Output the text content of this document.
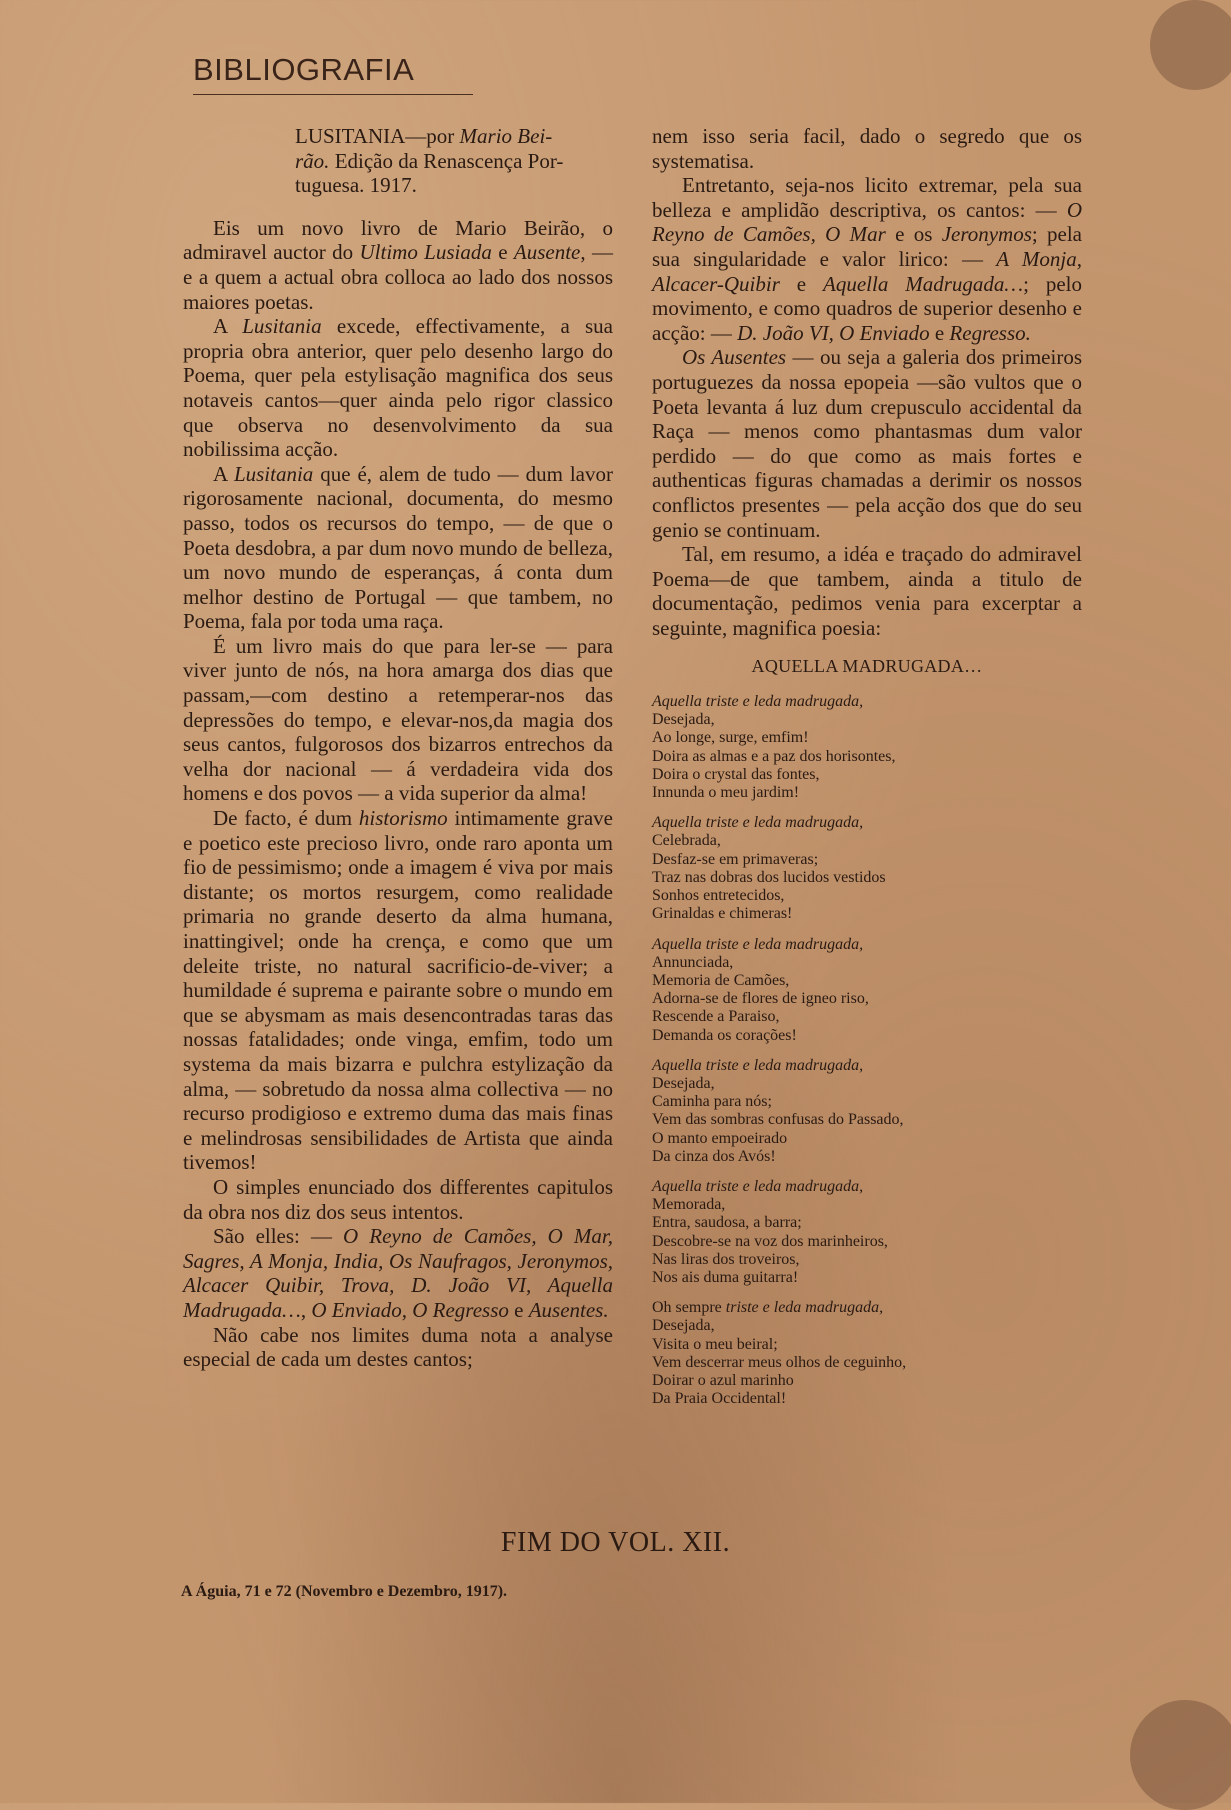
BIBLIOGRAFIA

LUSITANIA—por Mario Bei-
rão. Edição da Renascença Por-
tuguesa. 1917.

Eis um novo livro de Mario Beirão, o admiravel auctor do Ultimo Lusiada e Ausente, — e a quem a actual obra colloca ao lado dos nossos maiores poetas.

A Lusitania excede, effectivamente, a sua propria obra anterior, quer pelo desenho largo do Poema, quer pela estylisação magnifica dos seus notaveis cantos—quer ainda pelo rigor classico que observa no desenvolvimento da sua nobilissima acção.

A Lusitania que é, alem de tudo — dum lavor rigorosamente nacional, documenta, do mesmo passo, todos os recursos do tempo, — de que o Poeta desdobra, a par dum novo mundo de belleza, um novo mundo de esperanças, á conta dum melhor destino de Portugal — que tambem, no Poema, fala por toda uma raça.

É um livro mais do que para ler-se — para viver junto de nós, na hora amarga dos dias que passam,—com destino a retemperar-nos das depressões do tempo, e elevar-nos,da magia dos seus cantos, fulgorosos dos bizarros entrechos da velha dor nacional — á verdadeira vida dos homens e dos povos — a vida superior da alma!

De facto, é dum historismo intimamente grave e poetico este precioso livro, onde raro aponta um fio de pessimismo; onde a imagem é viva por mais distante; os mortos resurgem, como realidade primaria no grande deserto da alma humana, inattingivel; onde ha crença, e como que um deleite triste, no natural sacrificio-de-viver; a humildade é suprema e pairante sobre o mundo em que se abysmam as mais desencontradas taras das nossas fatalidades; onde vinga, emfim, todo um systema da mais bizarra e pulchra estylização da alma, — sobretudo da nossa alma collectiva — no recurso prodigioso e extremo duma das mais finas e melindrosas sensibilidades de Artista que ainda tivemos!

O simples enunciado dos differentes capitulos da obra nos diz dos seus intentos.

São elles: — O Reyno de Camões, O Mar, Sagres, A Monja, India, Os Naufragos, Jeronymos, Alcacer Quibir, Trova, D. João VI, Aquella Madrugada…, O Enviado, O Regresso e Ausentes.

Não cabe nos limites duma nota a analyse especial de cada um destes cantos;

nem isso seria facil, dado o segredo que os systematisa.

Entretanto, seja-nos licito extremar, pela sua belleza e amplidão descriptiva, os cantos: — O Reyno de Camões, O Mar e os Jeronymos; pela sua singularidade e valor lirico: — A Monja, Alcacer-Quibir e Aquella Madrugada…; pelo movimento, e como quadros de superior desenho e acção: — D. João VI, O Enviado e Regresso.

Os Ausentes — ou seja a galeria dos primeiros portuguezes da nossa epopeia —são vultos que o Poeta levanta á luz dum crepusculo accidental da Raça — menos como phantasmas dum valor perdido — do que como as mais fortes e authenticas figuras chamadas a derimir os nossos conflictos presentes — pela acção dos que do seu genio se continuam.

Tal, em resumo, a idéa e traçado do admiravel Poema—de que tambem, ainda a titulo de documentação, pedimos venia para excerptar a seguinte, magnifica poesia:

AQUELLA MADRUGADA…
Aquella triste e leda madrugada,
Desejada,
Ao longe, surge, emfim!
Doira as almas e a paz dos horisontes,
Doira o crystal das fontes,
Innunda o meu jardim!
Aquella triste e leda madrugada,
Celebrada,
Desfaz-se em primaveras;
Traz nas dobras dos lucidos vestidos
Sonhos entretecidos,
Grinaldas e chimeras!
Aquella triste e leda madrugada,
Annunciada,
Memoria de Camões,
Adorna-se de flores de igneo riso,
Rescende a Paraiso,
Demanda os corações!
Aquella triste e leda madrugada,
Desejada,
Caminha para nós;
Vem das sombras confusas do Passado,
O manto empoeirado
Da cinza dos Avós!
Aquella triste e leda madrugada,
Memorada,
Entra, saudosa, a barra;
Descobre-se na voz dos marinheiros,
Nas liras dos troveiros,
Nos ais duma guitarra!
Oh sempre triste e leda madrugada,
Desejada,
Visita o meu beiral;
Vem descerrar meus olhos de ceguinho,
Doirar o azul marinho
Da Praia Occidental!
FIM DO VOL. XII.
A Águia, 71 e 72 (Novembro e Dezembro, 1917).
